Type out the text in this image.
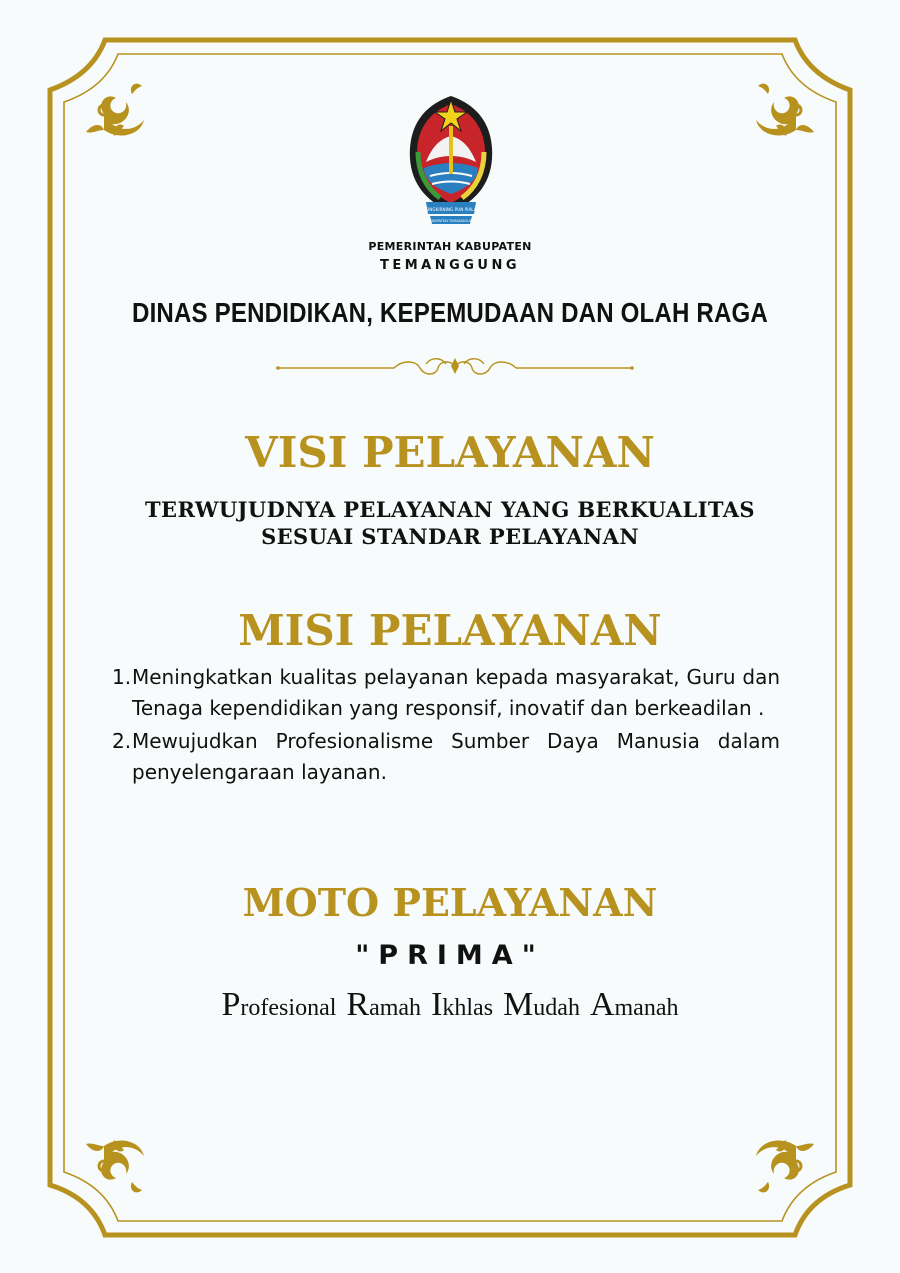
SINGKIRNING PUN PIALA
KABUPATEN TEMANGGUNG
PEMERINTAH KABUPATEN
TEMANGGUNG
DINAS PENDIDIKAN, KEPEMUDAAN DAN OLAH RAGA
VISI PELAYANAN
TERWUJUDNYA PELAYANAN YANG BERKUALITAS
SESUAI STANDAR PELAYANAN
MISI PELAYANAN
1. Meningkatkan kualitas pelayanan kepada masyarakat, Guru dan Tenaga kependidikan yang responsif, inovatif dan berkeadilan .
2. Mewujudkan Profesionalisme Sumber Daya Manusia dalam penyelengaraan layanan.
MOTO PELAYANAN
"PRIMA"
Profesional Ramah Ikhlas Mudah Amanah
